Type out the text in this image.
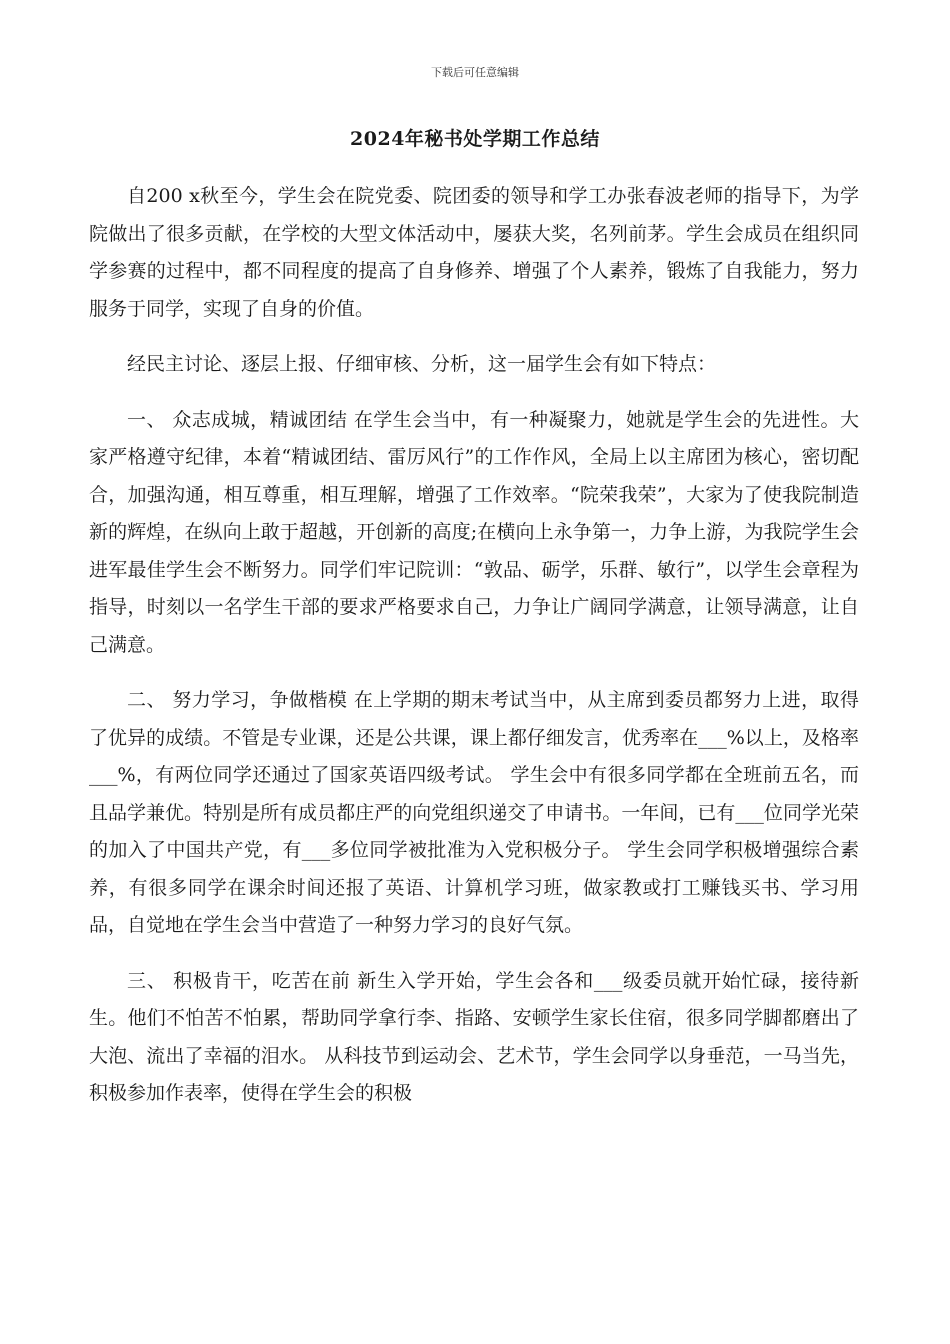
下载后可任意编辑
2024年秘书处学期工作总结

自200 x秋至今，学生会在院党委、院团委的领导和学工办张春波老师的指导下，为学院做出了很多贡献，在学校的大型文体活动中，屡获大奖，名列前茅。学生会成员在组织同学参赛的过程中，都不同程度的提高了自身修养、增强了个人素养，锻炼了自我能力，努力服务于同学，实现了自身的价值。

经民主讨论、逐层上报、仔细审核、分析，这一届学生会有如下特点：

一、 众志成城，精诚团结 在学生会当中，有一种凝聚力，她就是学生会的先进性。大家严格遵守纪律，本着“精诚团结、雷厉风行”的工作作风，全局上以主席团为核心，密切配合，加强沟通，相互尊重，相互理解，增强了工作效率。“院荣我荣”，大家为了使我院制造新的辉煌，在纵向上敢于超越，开创新的高度;在横向上永争第一，力争上游，为我院学生会进军最佳学生会不断努力。同学们牢记院训：“敦品、砺学，乐群、敏行”，以学生会章程为指导，时刻以一名学生干部的要求严格要求自己，力争让广阔同学满意，让领导满意，让自己满意。

二、 努力学习，争做楷模 在上学期的期末考试当中，从主席到委员都努力上进，取得了优异的成绩。不管是专业课，还是公共课，课上都仔细发言，优秀率在___%以上，及格率___%，有两位同学还通过了国家英语四级考试。 学生会中有很多同学都在全班前五名，而且品学兼优。特别是所有成员都庄严的向党组织递交了申请书。一年间，已有___位同学光荣的加入了中国共产党，有___多位同学被批准为入党积极分子。 学生会同学积极增强综合素养，有很多同学在课余时间还报了英语、计算机学习班，做家教或打工赚钱买书、学习用品，自觉地在学生会当中营造了一种努力学习的良好气氛。

三、 积极肯干，吃苦在前 新生入学开始，学生会各和___级委员就开始忙碌，接待新生。他们不怕苦不怕累，帮助同学拿行李、指路、安顿学生家长住宿，很多同学脚都磨出了大泡、流出了幸福的泪水。 从科技节到运动会、艺术节，学生会同学以身垂范，一马当先，积极参加作表率，使得在学生会的积极
